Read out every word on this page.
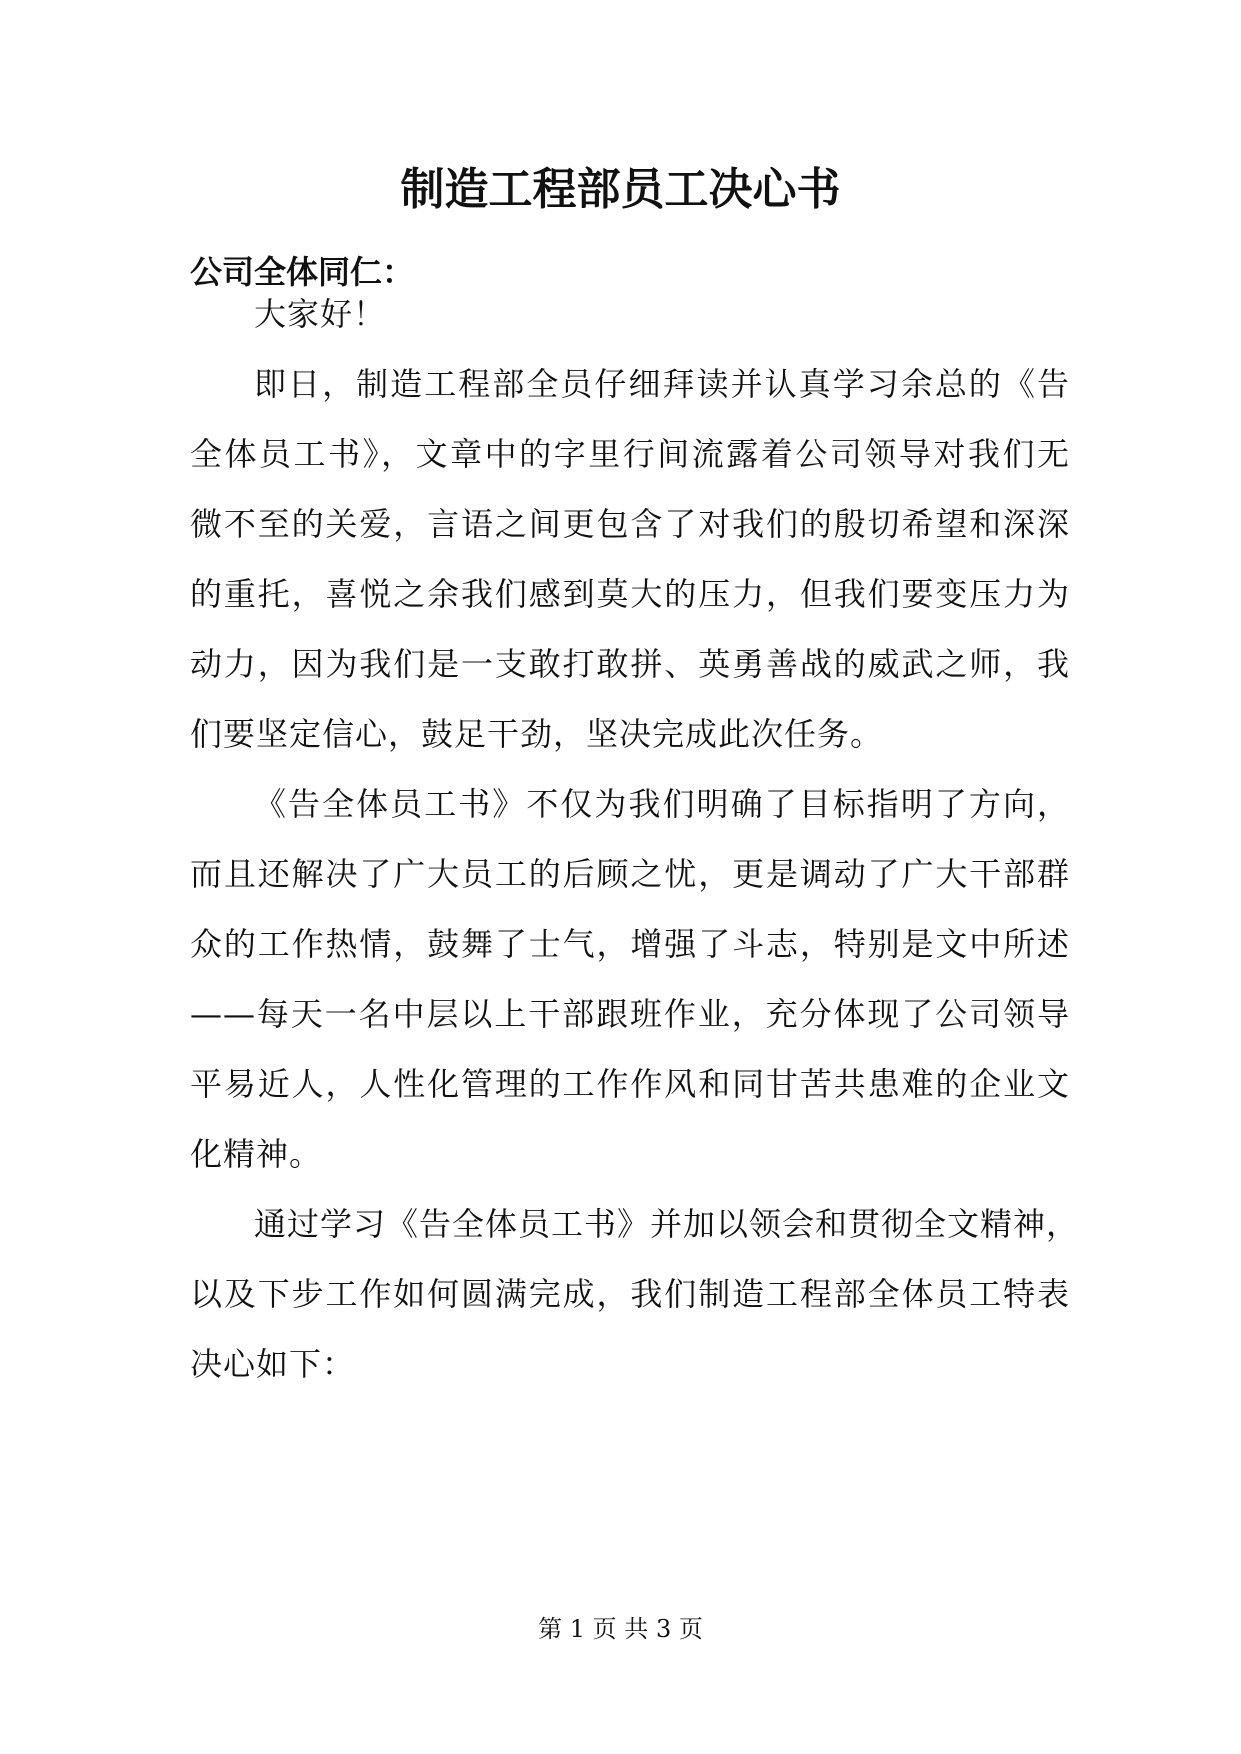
制造工程部员工决心书
公司全体同仁：
大家好！
即日，制造工程部全员仔细拜读并认真学习余总的《告
全体员工书》，文章中的字里行间流露着公司领导对我们无
微不至的关爱，言语之间更包含了对我们的殷切希望和深深
的重托，喜悦之余我们感到莫大的压力，但我们要变压力为
动力，因为我们是一支敢打敢拼、英勇善战的威武之师，我
们要坚定信心，鼓足干劲，坚决完成此次任务。
《告全体员工书》不仅为我们明确了目标指明了方向，
而且还解决了广大员工的后顾之忧，更是调动了广大干部群
众的工作热情，鼓舞了士气，增强了斗志，特别是文中所述
——每天一名中层以上干部跟班作业，充分体现了公司领导
平易近人，人性化管理的工作作风和同甘苦共患难的企业文
化精神。
通过学习《告全体员工书》并加以领会和贯彻全文精神，
以及下步工作如何圆满完成，我们制造工程部全体员工特表
决心如下：
第 1 页 共 3 页
